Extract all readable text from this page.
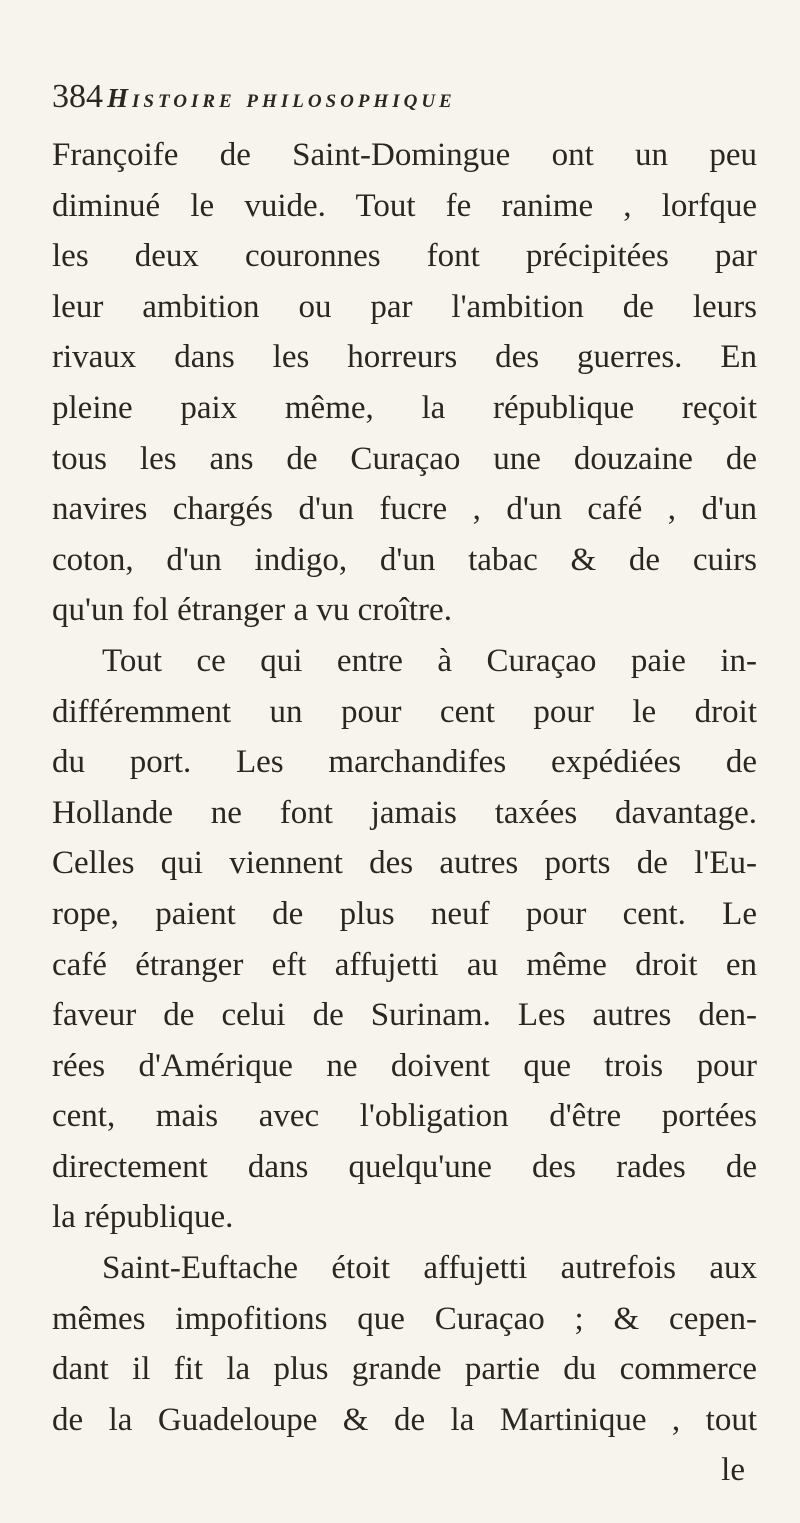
384 Histoire philosophique
Françoife de Saint-Domingue ont un peu
diminué le vuide. Tout fe ranime , lorfque
les deux couronnes font précipitées par
leur ambition ou par l'ambition de leurs
rivaux dans les horreurs des guerres. En
pleine paix même, la république reçoit
tous les ans de Curaçao une douzaine de
navires chargés d'un fucre , d'un café , d'un
coton, d'un indigo, d'un tabac & de cuirs
qu'un fol étranger a vu croître.
Tout ce qui entre à Curaçao paie in-
différemment un pour cent pour le droit
du port. Les marchandifes expédiées de
Hollande ne font jamais taxées davantage.
Celles qui viennent des autres ports de l'Eu-
rope, paient de plus neuf pour cent. Le
café étranger eft affujetti au même droit en
faveur de celui de Surinam. Les autres den-
rées d'Amérique ne doivent que trois pour
cent, mais avec l'obligation d'être portées
directement dans quelqu'une des rades de
la république.
Saint-Euftache étoit affujetti autrefois aux
mêmes impofitions que Curaçao ; & cepen-
dant il fit la plus grande partie du commerce
de la Guadeloupe & de la Martinique , tout
le
